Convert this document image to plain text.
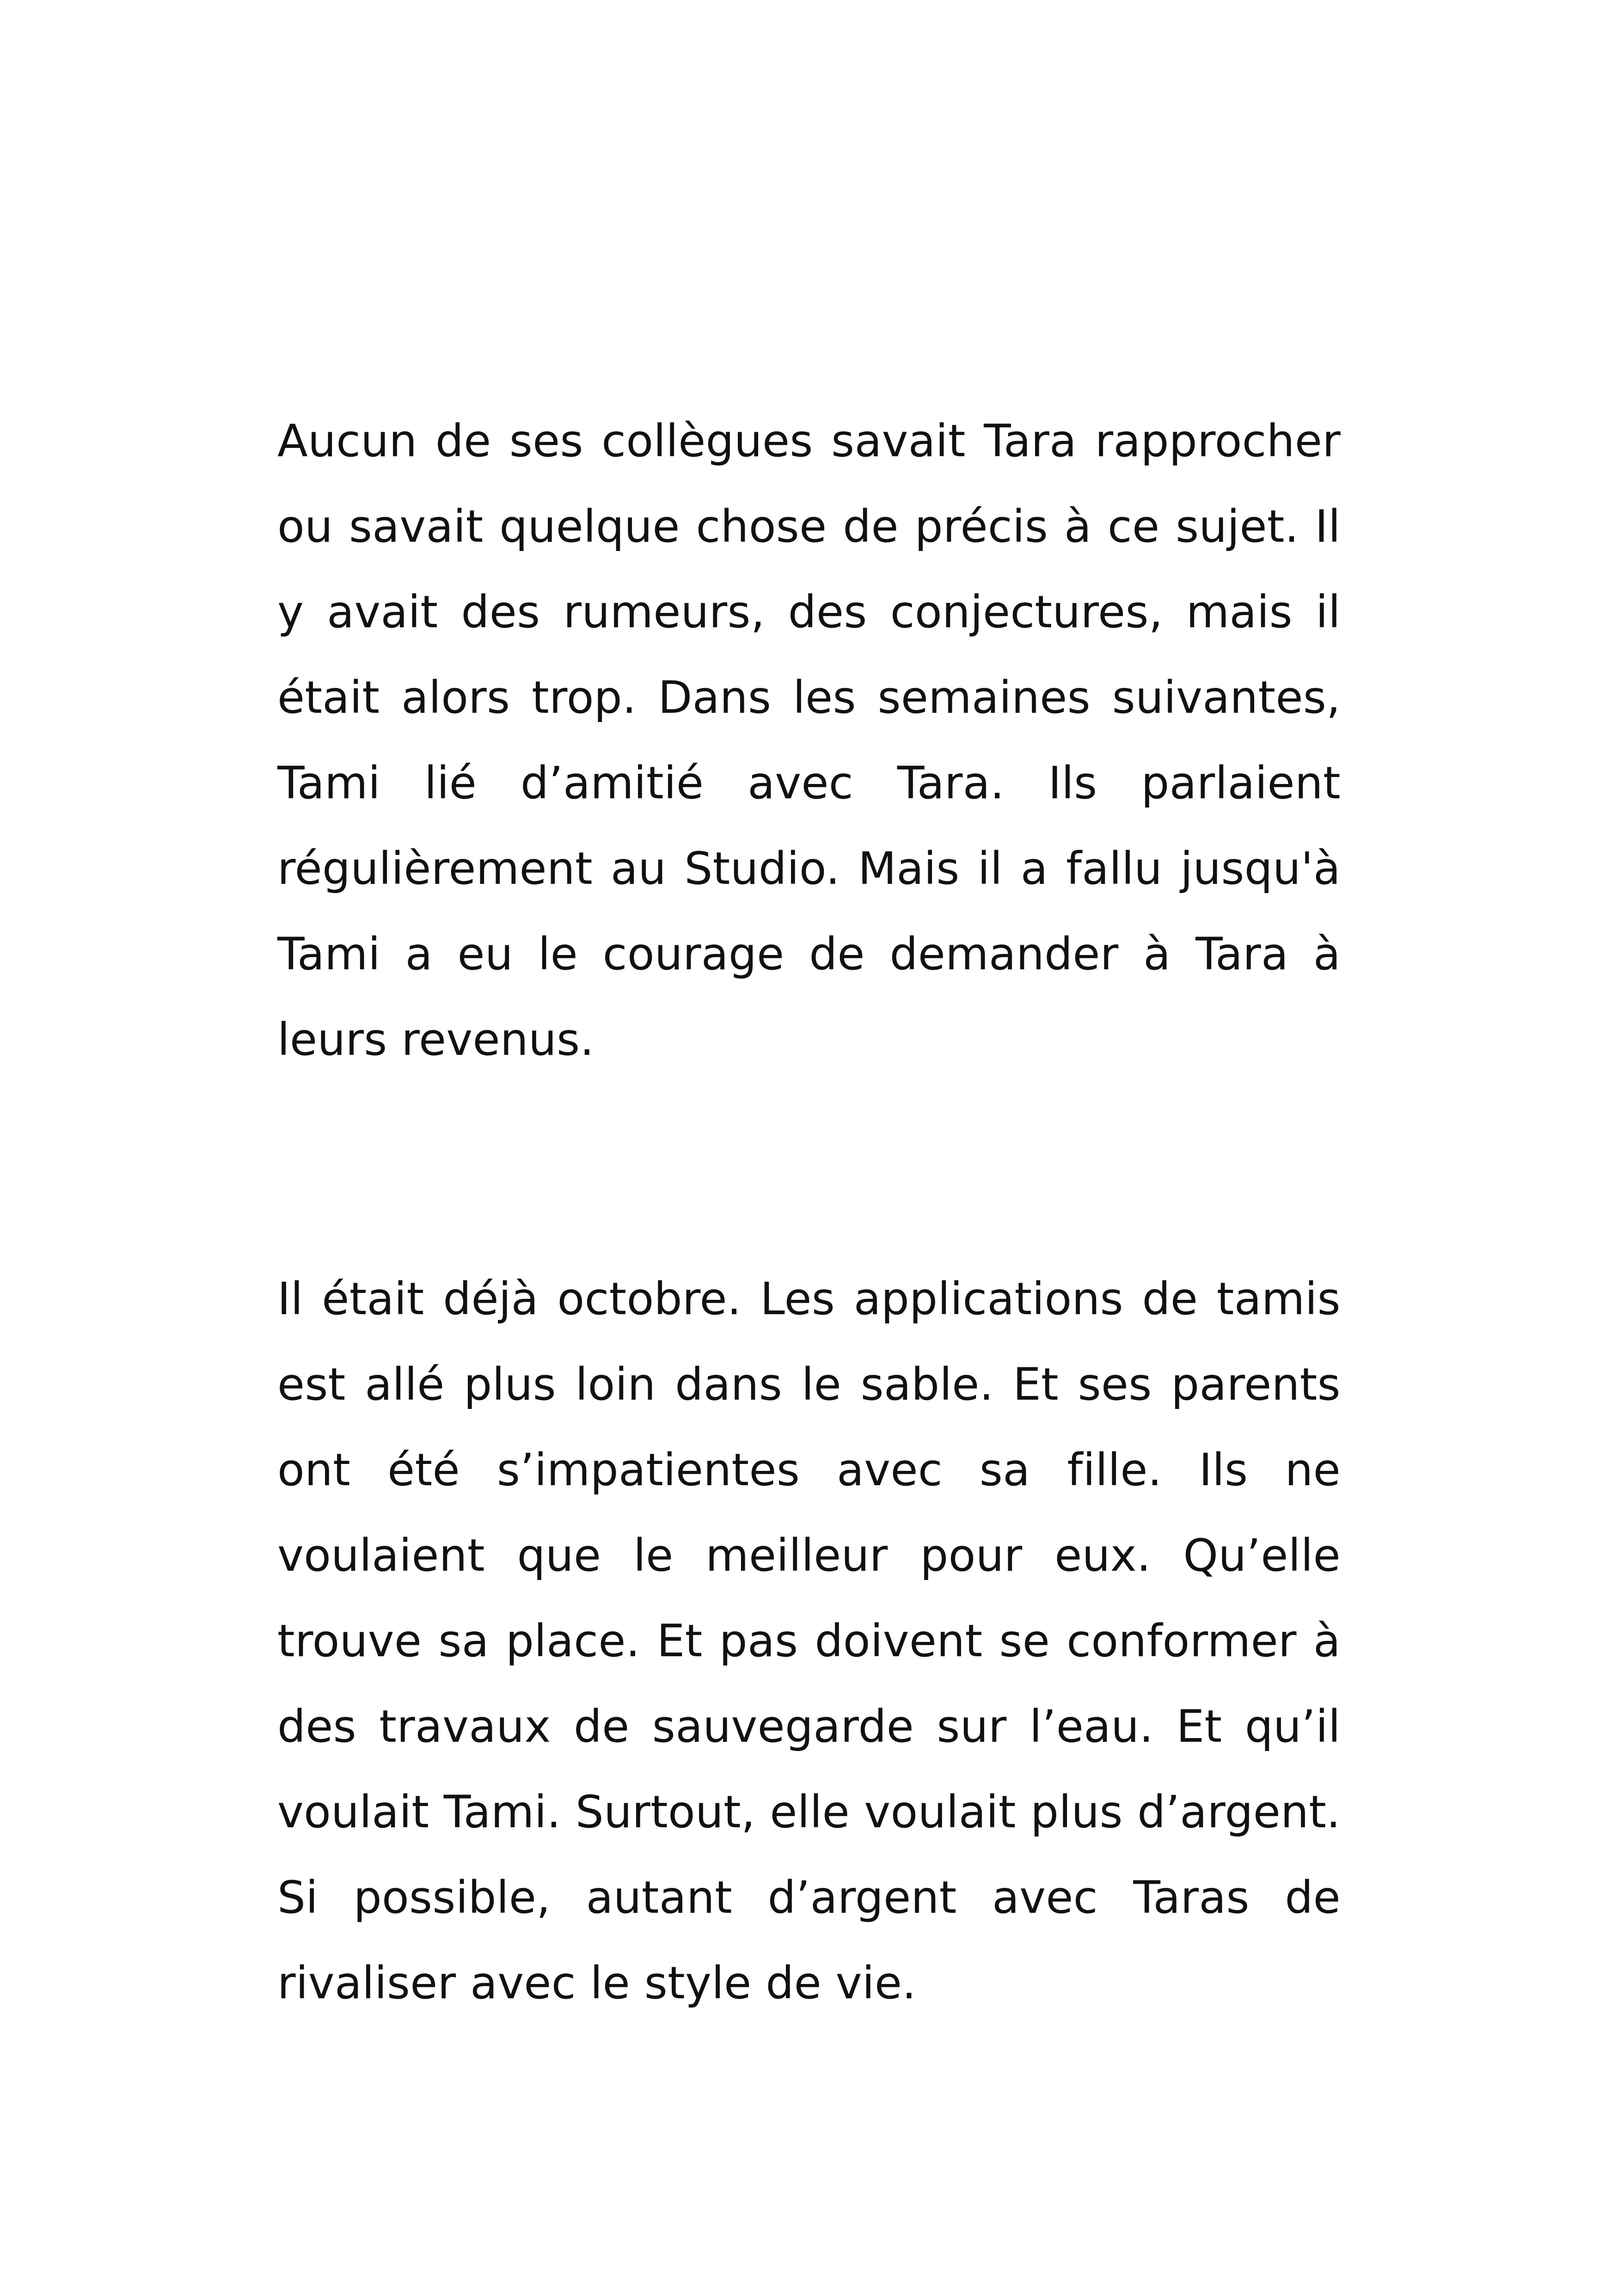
Aucun de ses collègues savait Tara rapprocher ou savait quelque chose de précis à ce sujet. Il y avait des rumeurs, des conjectures, mais il était alors trop. Dans les semaines suivantes, Tami lié d’amitié avec Tara. Ils parlaient régulièrement au Studio. Mais il a fallu jusqu'à Tami a eu le courage de demander à Tara à leurs revenus.

Il était déjà octobre. Les applications de tamis est allé plus loin dans le sable. Et ses parents ont été s’impatientes avec sa fille. Ils ne voulaient que le meilleur pour eux. Qu’elle trouve sa place. Et pas doivent se conformer à des travaux de sauvegarde sur l’eau. Et qu’il voulait Tami. Surtout, elle voulait plus d’argent. Si possible, autant d’argent avec Taras de rivaliser avec le style de vie.
